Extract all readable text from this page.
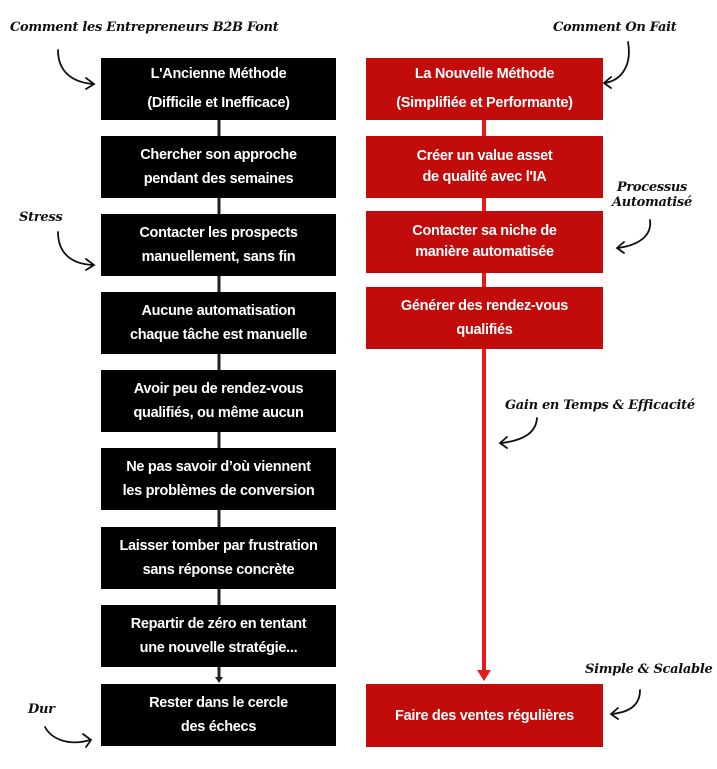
Comment les Entrepreneurs B2B Font	Comment On Fait
Stress
Processus
Automatisé
Gain en Temps & Efficacité
Simple & Scalable
Dur
L'Ancienne Méthode
(Difficile et Inefficace)
Chercher son approche
pendant des semaines
Contacter les prospects
manuellement, sans fin
Aucune automatisation
chaque tâche est manuelle
Avoir peu de rendez-vous
qualifiés, ou même aucun
Ne pas savoir d’où viennent
les problèmes de conversion
Laisser tomber par frustration
sans réponse concrète
Repartir de zéro en tentant
une nouvelle stratégie...
Rester dans le cercle
des échecs
La Nouvelle Méthode
(Simplifiée et Performante)
Créer un value asset
de qualité avec l'IA
Contacter sa niche de
manière automatisée
Générer des rendez-vous
qualifiés
Faire des ventes régulières
